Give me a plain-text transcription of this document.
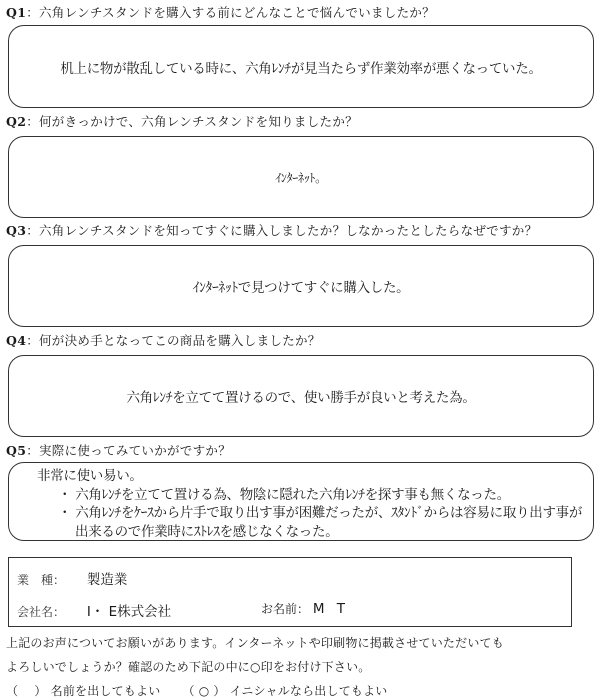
Q1：六角レンチスタンドを購入する前にどんなことで悩んでいましたか？
机上に物が散乱している時に、六角ﾚﾝﾁが見当たらず作業効率が悪くなっていた。
Q2：何がきっかけで、六角レンチスタンドを知りましたか？
ｲﾝﾀｰﾈｯﾄ。
Q3：六角レンチスタンドを知ってすぐに購入しましたか？しなかったとしたらなぜですか？
ｲﾝﾀｰﾈｯﾄで見つけてすぐに購入した。
Q4：何が決め手となってこの商品を購入しましたか？
六角ﾚﾝﾁを立てて置けるので、使い勝手が良いと考えた為。
Q5：実際に使ってみていかがですか？
非常に使い易い。
・ 六角ﾚﾝﾁを立てて置ける為、物陰に隠れた六角ﾚﾝﾁを探す事も無くなった。
・ 六角ﾚﾝﾁをｹｰｽから片手で取り出す事が困難だったが、ｽﾀﾝﾄﾞからは容易に取り出す事が
出来るので作業時にｽﾄﾚｽを感じなくなった。
業　種： 製造業
会社名： I・ E株式会社	お名前： M T
上記のお声についてお願いがあります。インターネットや印刷物に掲載させていただいても
よろしいでしょうか？確認のため下記の中に○印をお付け下さい。
（　 ） 名前を出してもよい （ ○ ） イニシャルなら出してもよい
